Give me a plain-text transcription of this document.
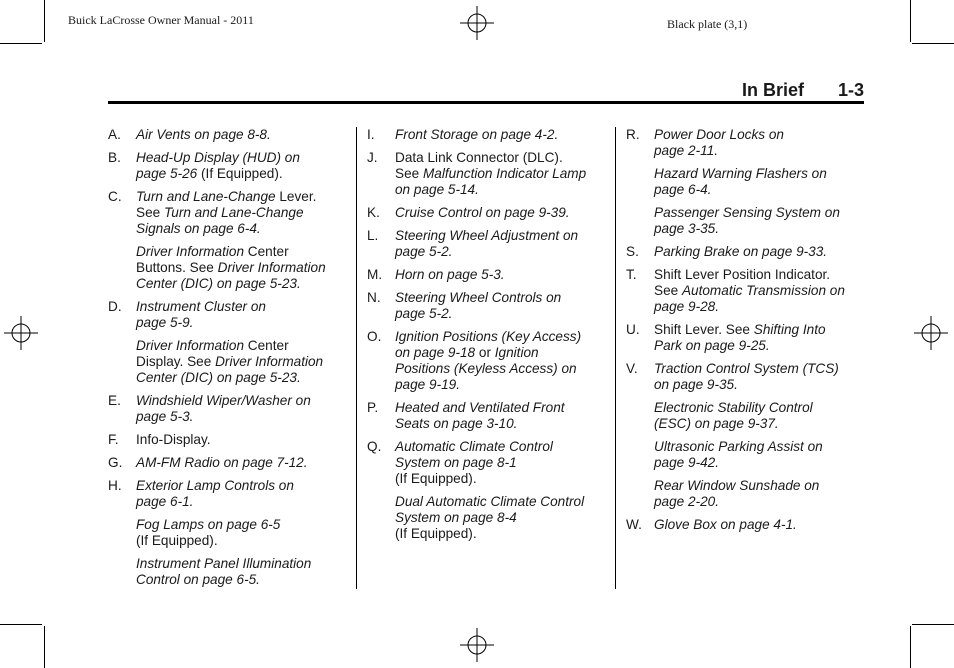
Buick LaCrosse Owner Manual - 2011	Black plate (3,1)
In Brief 1-3
A. Air Vents on page 8-8.
B. Head-Up Display (HUD) on
page 5-26 (If Equipped).
C. Turn and Lane-Change Lever.
See Turn and Lane-Change
Signals on page 6-4.
Driver Information Center
Buttons. See Driver Information
Center (DIC) on page 5-23.
D. Instrument Cluster on
page 5-9.
Driver Information Center
Display. See Driver Information
Center (DIC) on page 5-23.
E. Windshield Wiper/Washer on
page 5-3.
F. Info-Display.
G. AM-FM Radio on page 7-12.
H. Exterior Lamp Controls on
page 6-1.
Fog Lamps on page 6-5
(If Equipped).
Instrument Panel Illumination
Control on page 6-5.
I. Front Storage on page 4-2.
J. Data Link Connector (DLC).
See Malfunction Indicator Lamp
on page 5-14.
K. Cruise Control on page 9-39.
L. Steering Wheel Adjustment on
page 5-2.
M. Horn on page 5-3.
N. Steering Wheel Controls on
page 5-2.
O. Ignition Positions (Key Access)
on page 9-18 or Ignition
Positions (Keyless Access) on
page 9-19.
P. Heated and Ventilated Front
Seats on page 3-10.
Q. Automatic Climate Control
System on page 8-1
(If Equipped).
Dual Automatic Climate Control
System on page 8-4
(If Equipped).
R. Power Door Locks on
page 2-11.
Hazard Warning Flashers on
page 6-4.
Passenger Sensing System on
page 3-35.
S. Parking Brake on page 9-33.
T. Shift Lever Position Indicator.
See Automatic Transmission on
page 9-28.
U. Shift Lever. See Shifting Into
Park on page 9-25.
V. Traction Control System (TCS)
on page 9-35.
Electronic Stability Control
(ESC) on page 9-37.
Ultrasonic Parking Assist on
page 9-42.
Rear Window Sunshade on
page 2-20.
W. Glove Box on page 4-1.
